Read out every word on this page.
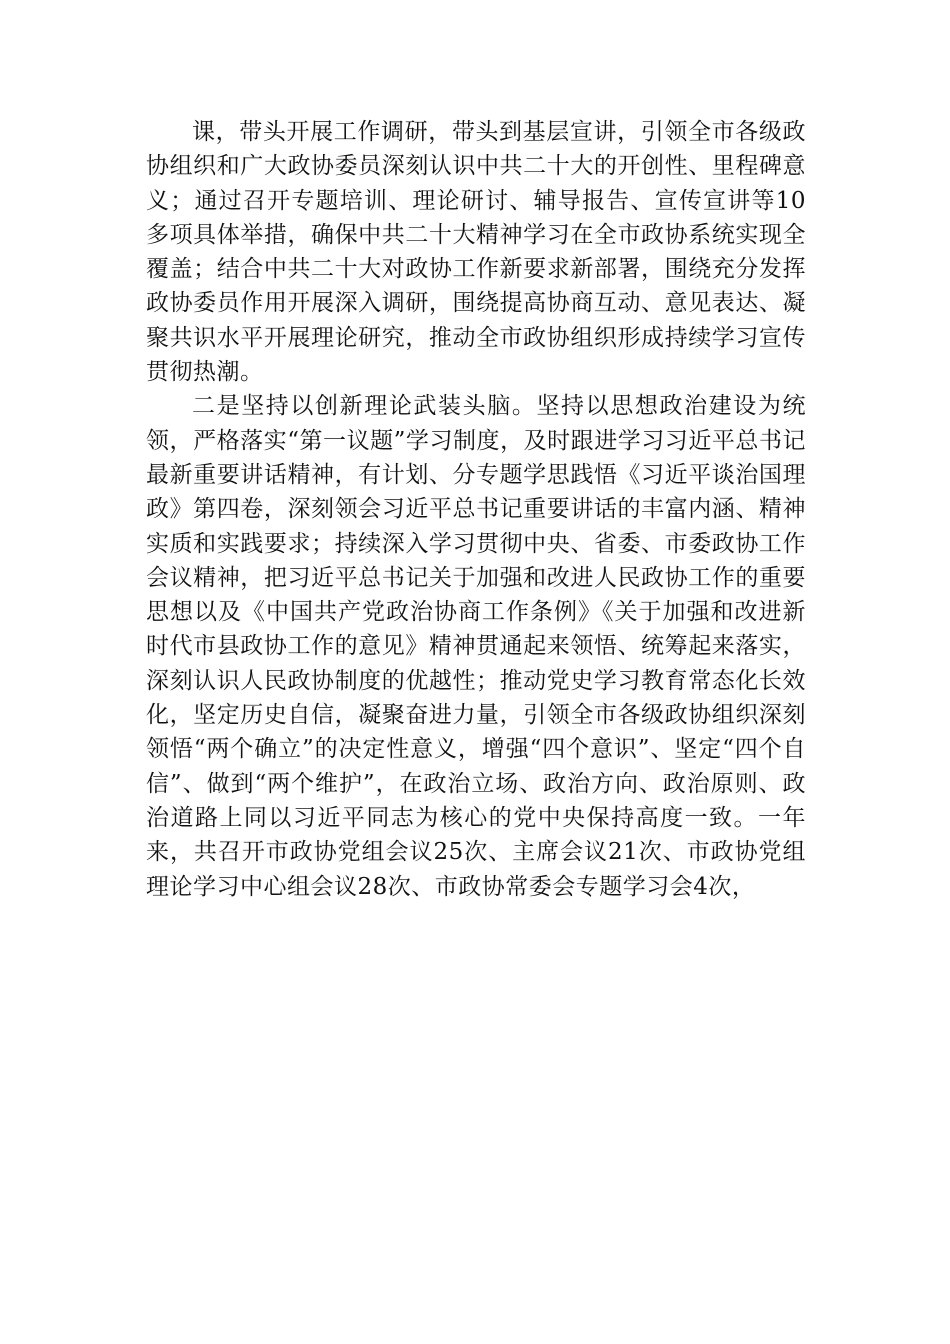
课，带头开展工作调研，带头到基层宣讲，引领全市各级政协组织和广大政协委员深刻认识中共二十大的开创性、里程碑意义；通过召开专题培训、理论研讨、辅导报告、宣传宣讲等10多项具体举措，确保中共二十大精神学习在全市政协系统实现全覆盖；结合中共二十大对政协工作新要求新部署，围绕充分发挥政协委员作用开展深入调研，围绕提高协商互动、意见表达、凝聚共识水平开展理论研究，推动全市政协组织形成持续学习宣传贯彻热潮。

二是坚持以创新理论武装头脑。坚持以思想政治建设为统领，严格落实“第一议题”学习制度，及时跟进学习习近平总书记最新重要讲话精神，有计划、分专题学思践悟《习近平谈治国理政》第四卷，深刻领会习近平总书记重要讲话的丰富内涵、精神实质和实践要求；持续深入学习贯彻中央、省委、市委政协工作会议精神，把习近平总书记关于加强和改进人民政协工作的重要思想以及《中国共产党政治协商工作条例》《关于加强和改进新时代市县政协工作的意见》精神贯通起来领悟、统筹起来落实，深刻认识人民政协制度的优越性；推动党史学习教育常态化长效化，坚定历史自信，凝聚奋进力量，引领全市各级政协组织深刻领悟“两个确立”的决定性意义，增强“四个意识”、坚定“四个自信”、做到“两个维护”，在政治立场、政治方向、政治原则、政治道路上同以习近平同志为核心的党中央保持高度一致。一年来，共召开市政协党组会议25次、主席会议21次、市政协党组理论学习中心组会议28次、市政协常委会专题学习会4次，
